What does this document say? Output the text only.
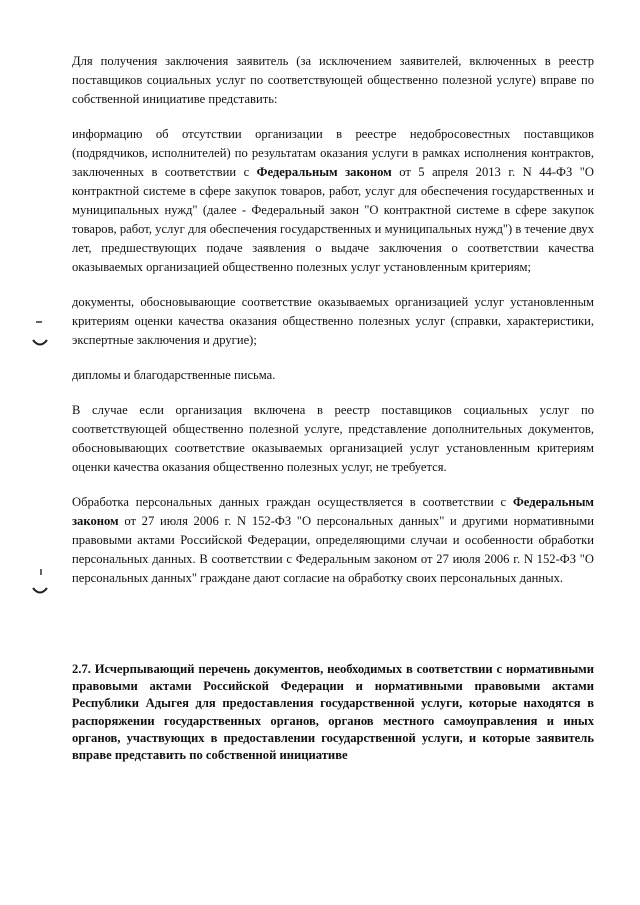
Для получения заключения заявитель (за исключением заявителей, включенных в реестр поставщиков социальных услуг по соответствующей общественно полезной услуге) вправе по собственной инициативе представить:

информацию об отсутствии организации в реестре недобросовестных поставщиков (подрядчиков, исполнителей) по результатам оказания услуги в рамках исполнения контрактов, заключенных в соответствии с Федеральным законом от 5 апреля 2013 г. N 44-ФЗ "О контрактной системе в сфере закупок товаров, работ, услуг для обеспечения государственных и муниципальных нужд" (далее - Федеральный закон "О контрактной системе в сфере закупок товаров, работ, услуг для обеспечения государственных и муниципальных нужд") в течение двух лет, предшествующих подаче заявления о выдаче заключения о соответствии качества оказываемых организацией общественно полезных услуг установленным критериям;

документы, обосновывающие соответствие оказываемых организацией услуг установленным критериям оценки качества оказания общественно полезных услуг (справки, характеристики, экспертные заключения и другие);

дипломы и благодарственные письма.

В случае если организация включена в реестр поставщиков социальных услуг по соответствующей общественно полезной услуге, представление дополнительных документов, обосновывающих соответствие оказываемых организацией услуг установленным критериям оценки качества оказания общественно полезных услуг, не требуется.

Обработка персональных данных граждан осуществляется в соответствии с Федеральным законом от 27 июля 2006 г. N 152-ФЗ "О персональных данных" и другими нормативными правовыми актами Российской Федерации, определяющими случаи и особенности обработки персональных данных. В соответствии с Федеральным законом от 27 июля 2006 г. N 152-ФЗ "О персональных данных" граждане дают согласие на обработку своих персональных данных.

2.7. Исчерпывающий перечень документов, необходимых в соответствии с нормативными правовыми актами Российской Федерации и нормативными правовыми актами Республики Адыгея для предоставления государственной услуги, которые находятся в распоряжении государственных органов, органов местного самоуправления и иных органов, участвующих в предоставлении государственной услуги, и которые заявитель вправе представить по собственной инициативе
